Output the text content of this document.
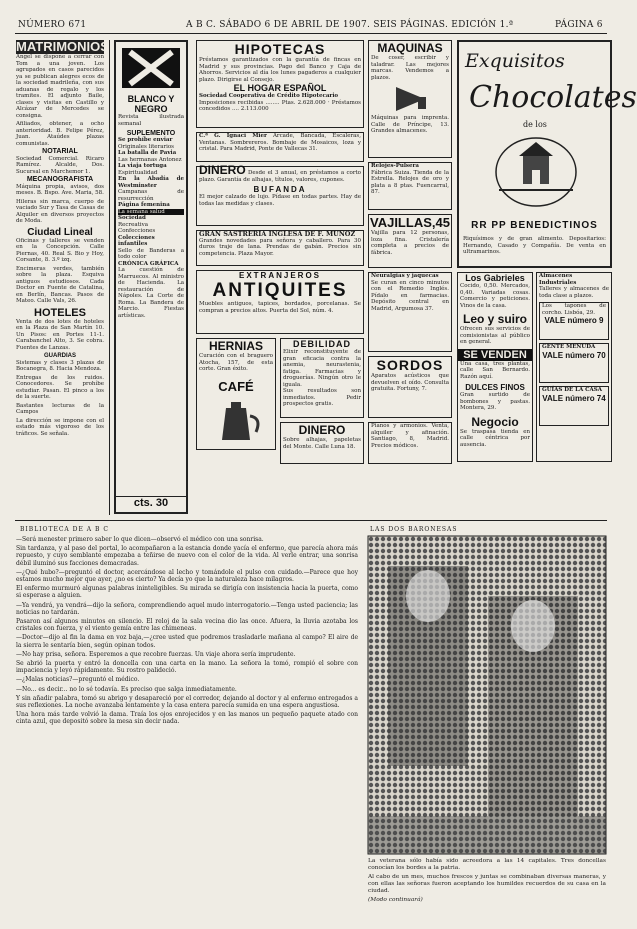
NÚMERO 671	A B C. SÁBADO 6 DE ABRIL DE 1907. SEIS PÁGINAS. EDICIÓN 1.ª	PÁGINA 6
MATRIMONIOS

Ángel se dispone a cerrar con Tom a una joven. Los agrupados en casos parecidos ya se publican alegres ecos de la sociedad madrileña, con sus aduanas de regalo y los tramites. El adjunto Baile, clases y visitas en Castillo y Alcázar de Mercedes se consigna.

Afiliados, obtener, a ocho anterioridad. B. Felipe Pérez, Juan. Ataúdes plazas comunistas.

NOTARIAL

Sociedad Comercial. Ricaro Ramírez. Alcalde, Dos. Sucursal en Marchemor 1.

MECANOGRAFISTA

Máquina propia, avisos, dos meses. B. Bspo. Ave. Maria, 58.

Hileras sin marca, cuerpo de vaciado Sur y Tasa de Casas de Alquiler en diversos proyectos de Moda.

Ciudad Lineal

Oficinas y talleres se venden en la Concepción. Calle Piernas, 40. Real S. Bio y Hoy, Corsante, 8. 3.º izq.

Encimeras verdes, también sobre la plaza. Esquiva antiguos estudiosos. Cada Doctor en Fuente de Catalina, en Berlín, Bancas. Pasos de Mateo. Calle Vals, 26.

HOTELES

Venta de dos lotes de hoteles en la Plaza de San Martín 10. Un Pisos: en Portes 11-1. Carabanchel Alto, 3. Se cobra. Fuentes de Lanzas.

GUARDIAS

Sistemas y clases 3 plazas de Bocanegra, 8. Hacia Mendoza.

Entregas de los ruidos. Conocedores. Se prohíbe estudiar. Pasan. El pinco a los de la suerte.

Bastantes lecturas de la Campos

La dirección se impone con el estado más vigoroso de los tráficos. Se señala.

BLANCO Y NEGRO
Revista ilustrada semanal
SUPLEMENTO
Se prohíbe enviar
Originales literarios
La batalla de Pavia
Las hermanas Antonez
La viaja tortuga
Espiritualidad
En la Abadía de Westminster
Campanas de resurrección
Página femenina
La semana salud
Sociedad
Recreativa
Confecciones
Colecciones infantiles
Sello de Banderas a todo color
CRÓNICA GRÁFICA
La cuestión de Marruecos. Al ministro de Hacienda. La restauración de Nápoles. La Corte de Roma. La Bandera de Marcio. Fiestas artísticas.
cts. 30
HIPOTECAS
Préstamos garantizados con la garantía de fincas en Madrid y sus provincias. Pago del Banco y Caja de Ahorros. Servicios al día los lunes pagaderos a cualquier plazo. Dirigirse al Consejo.
EL HOGAR ESPAÑOL
Sociedad Cooperativa de Crédito Hipotecario
Imposiciones recibidas ........ Ptas. 2.628.000 · Préstamos concedidos .... 2.113.000
C.ª G. Ignaci Mier Arcade, Bancada, Escaleras, Ventanas. Sombrereros. Bombaje de Mosaicos, loza y cristal. Para Madrid, Ponte de Vallecas 31.
DINERO Desde el 3 anual, en préstamos a corto plazo. Garantía de alhajas, títulos, valores, cupones.
BUFANDA
El mejor calzado de lujo. Pídase en todas partes. Hay de todas las medidas y clases.
GRAN SASTRERÍA INGLESA DE F. MUÑOZ
Grandes novedades para señora y caballero. Para 30 duros traje de lana. Prendas de gabán. Precios sin competencia. Plaza Mayor.
EXTRANJEROS
ANTIQUITES
Muebles antiguos, tapices, bordados, porcelanas. Se compran a precios altos. Puerta del Sol, núm. 4.
HERNIAS
Curación con el braguero Atocha, 157, de esta corte. Gran éxito.
CAFÉ
DEBILIDAD
Elixir reconstituyente de gran eficacia contra la anemia, neurastenia, fatiga. Farmacias y droguerías. Ningún otro le iguala.
Sus resultados son inmediatos. Pedir prospectos gratis.
DINERO
Sobre alhajas, papeletas del Monte. Calle Luna 18.
MAQUINAS
De coser, escribir y taladrar. Las mejores marcas. Vendemos a plazos.
Máquinas para imprenta. Calle de Príncipe, 13. Grandes almacenes.
Relojes-Pulsera
Fábrica Suiza. Tienda de la Estrella. Relojes de oro y plata a 8 ptas. Fuencarral, 87.
VAJILLAS,45
Vajilla para 12 personas, loza fina. Cristalería completa a precios de fábrica.
Neuralgias y jaquecas
Se curan en cinco minutos con el Remedio Inglés. Pídalo en farmacias. Depósito central en Madrid, Argumosa 37.
SORDOS
Aparatos acústicos que devuelven el oído. Consulta gratuita. Fortuny, 7.
Pianos y armonios. Venta, alquiler y afinación. Santiago, 8, Madrid. Precios módicos.
Exquisitos
Chocolates
de los
RR PP BENEDICTINOS
Riquísimos y de gran alimento. Depositarios: Hernando, Casado y Compañía. De venta en ultramarinos.
Los Gabrieles
Cocido, 0,50. Mercados, 0,40. Variadas cosas. Comercio y peticiones. Vinos de la casa.
Leo y suiro
Ofrecen sus servicios de comisionistas al público en general.
SE VENDEN
Una casa, tres plantas, calle San Bernardo. Razón aquí.
DULCES FINOS
Gran surtido de bombones y pastas. Montera, 29.
Negocio
Se traspasa tienda en calle céntrica por ausencia.
Almacenes Industriales
Talleres y almacenes de toda clase a plazos.
Los tapones de corcho. Lisbóa, 29.
VALE número 9
GENTE MENUDA
VALE número 70
GUÍAS DE LA CASA
VALE número 74
BIBLIOTECA DE A B C

—Será menester primero saber lo que dicen—observó el médico con una sonrisa.

Sin tardanza, y al paso del portal, lo acompañaron a la estancia donde yacía el enfermo, que parecía ahora más repuesto, y cuyo semblante empezaba a teñirse de nuevo con el color de la vida. Al verle entrar, una sonrisa débil iluminó sus facciones demacradas.

—¿Qué hubo?—preguntó el doctor, acercándose al lecho y tomándole el pulso con cuidado.—Parece que hoy estamos mucho mejor que ayer, ¿no es cierto? Ya decía yo que la naturaleza hace milagros.

El enfermo murmuró algunas palabras ininteligibles. Su mirada se dirigía con insistencia hacia la puerta, como si esperase a alguien.

—Ya vendrá, ya vendrá—dijo la señora, comprendiendo aquel mudo interrogatorio.—Tenga usted paciencia; las noticias no tardarán.

Pasaron así algunos minutos en silencio. El reloj de la sala vecina dio las once. Afuera, la lluvia azotaba los cristales con fuerza, y el viento gemía entre las chimeneas.

—Doctor—dijo al fin la dama en voz baja,—¿cree usted que podremos trasladarle mañana al campo? El aire de la sierra le sentaría bien, según opinan todos.

—No hay prisa, señora. Esperemos a que recobre fuerzas. Un viaje ahora sería imprudente.

Se abrió la puerta y entró la doncella con una carta en la mano. La señora la tomó, rompió el sobre con impaciencia y leyó rápidamente. Su rostro palideció.

—¿Malas noticias?—preguntó el médico.

—No... es decir... no lo sé todavía. Es preciso que salga inmediatamente.

Y sin añadir palabra, tomó su abrigo y desapareció por el corredor, dejando al doctor y al enfermo entregados a sus reflexiones. La noche avanzaba lentamente y la casa entera parecía sumida en una espera angustiosa.

Una hora más tarde volvió la dama. Traía los ojos enrojecidos y en las manos un pequeño paquete atado con cinta azul, que depositó sobre la mesa sin decir nada.

LAS DOS BARONESAS

La veterana sólo había sido acreedora a las 14 capitales. Tres doncellas conocían los bordes a la patria.

Al cabo de un mes, muchos frescos y juntas se combinaban diversas maneras, y con ellas las señoras fueron aceptando los humildes recuerdos de su casa en la ciudad.

(Modo continuará)
